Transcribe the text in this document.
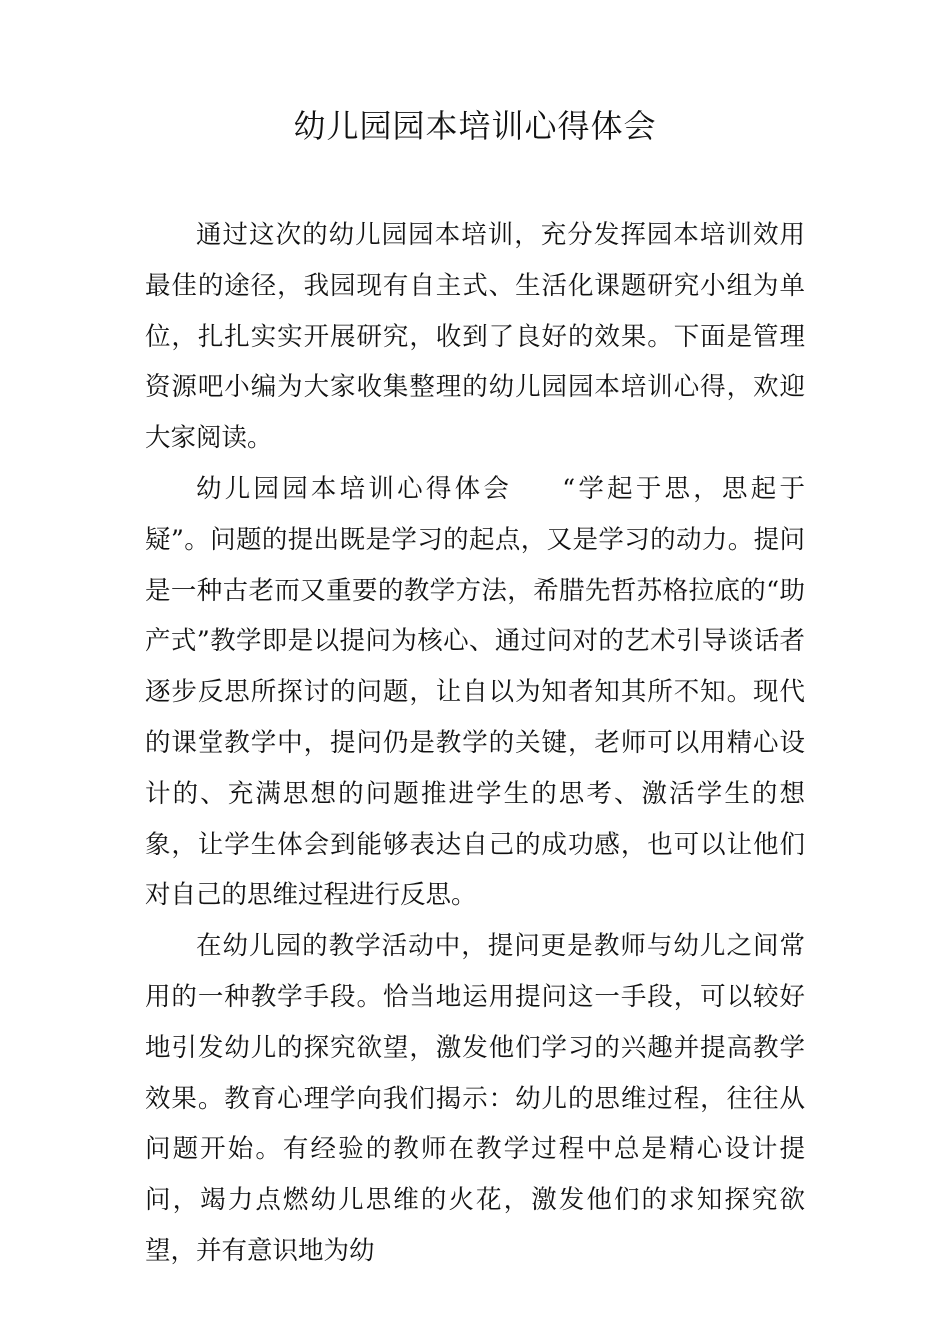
幼儿园园本培训心得体会

通过这次的幼儿园园本培训，充分发挥园本培训效用最佳的途径，我园现有自主式、生活化课题研究小组为单位，扎扎实实开展研究，收到了良好的效果。下面是管理资源吧小编为大家收集整理的幼儿园园本培训心得，欢迎大家阅读。

幼儿园园本培训心得体会 “学起于思，思起于疑”。问题的提出既是学习的起点，又是学习的动力。提问是一种古老而又重要的教学方法，希腊先哲苏格拉底的“助产式”教学即是以提问为核心、通过问对的艺术引导谈话者逐步反思所探讨的问题，让自以为知者知其所不知。现代的课堂教学中，提问仍是教学的关键，老师可以用精心设计的、充满思想的问题推进学生的思考、激活学生的想象，让学生体会到能够表达自己的成功感，也可以让他们对自己的思维过程进行反思。

在幼儿园的教学活动中，提问更是教师与幼儿之间常用的一种教学手段。恰当地运用提问这一手段，可以较好地引发幼儿的探究欲望，激发他们学习的兴趣并提高教学效果。教育心理学向我们揭示：幼儿的思维过程，往往从问题开始。有经验的教师在教学过程中总是精心设计提问，竭力点燃幼儿思维的火花，激发他们的求知探究欲望，并有意识地为幼
